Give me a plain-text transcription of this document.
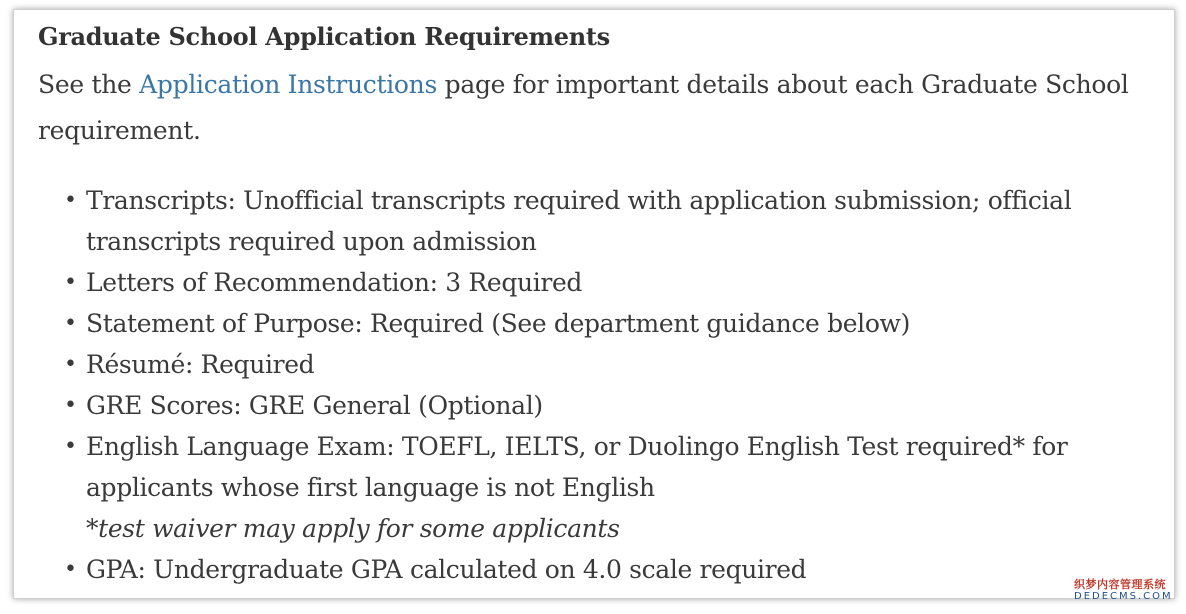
Graduate School Application Requirements

See the Application Instructions page for important details about each Graduate School requirement.

• Transcripts: Unofficial transcripts required with application submission; official transcripts required upon admission
• Letters of Recommendation: 3 Required
• Statement of Purpose: Required (See department guidance below)
• Résumé: Required
• GRE Scores: GRE General (Optional)
• English Language Exam: TOEFL, IELTS, or Duolingo English Test required* for applicants whose first language is not English
*test waiver may apply for some applicants
• GPA: Undergraduate GPA calculated on 4.0 scale required
织梦内容管理系统
DEDECMS.COM
